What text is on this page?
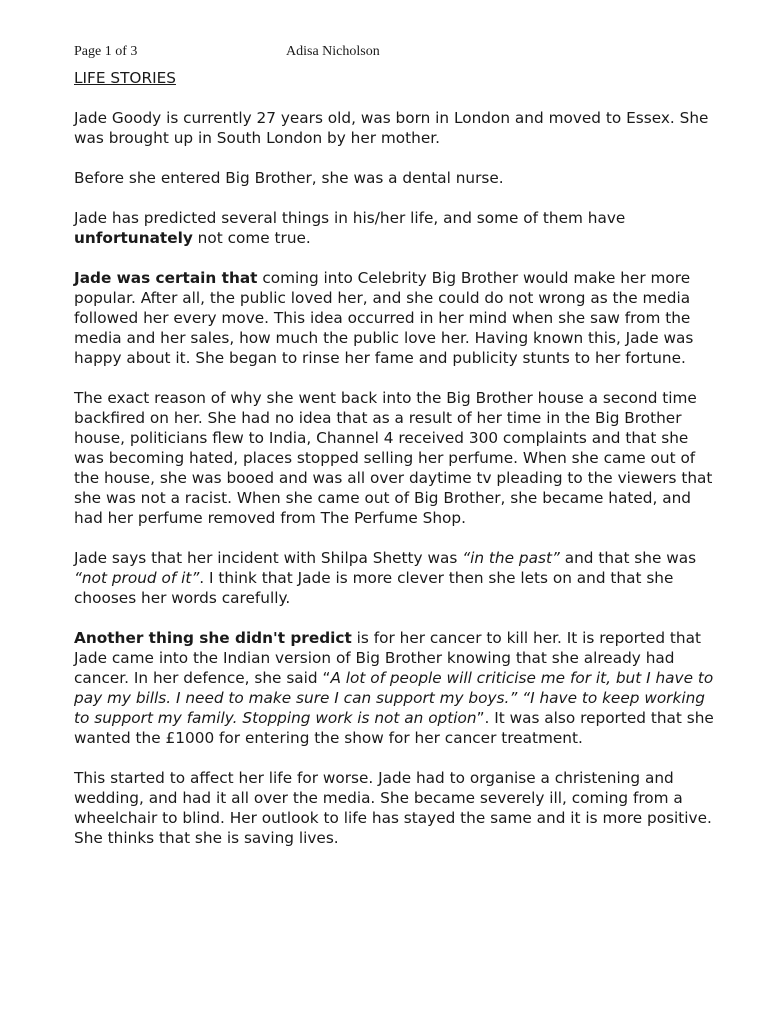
Page 1 of 3	Adisa Nicholson
LIFE STORIES

Jade Goody is currently 27 years old, was born in London and moved to Essex. She was brought up in South London by her mother.

Before she entered Big Brother, she was a dental nurse.

Jade has predicted several things in his/her life, and some of them have unfortunately not come true.

Jade was certain that coming into Celebrity Big Brother would make her more popular. After all, the public loved her, and she could do not wrong as the media followed her every move. This idea occurred in her mind when she saw from the media and her sales, how much the public love her. Having known this, Jade was happy about it. She began to rinse her fame and publicity stunts to her fortune.

The exact reason of why she went back into the Big Brother house a second time backfired on her. She had no idea that as a result of her time in the Big Brother house, politicians flew to India, Channel 4 received 300 complaints and that she was becoming hated, places stopped selling her perfume. When she came out of the house, she was booed and was all over daytime tv pleading to the viewers that she was not a racist. When she came out of Big Brother, she became hated, and had her perfume removed from The Perfume Shop.

Jade says that her incident with Shilpa Shetty was “in the past” and that she was “not proud of it”. I think that Jade is more clever then she lets on and that she chooses her words carefully.

Another thing she didn't predict is for her cancer to kill her. It is reported that Jade came into the Indian version of Big Brother knowing that she already had cancer. In her defence, she said “A lot of people will criticise me for it, but I have to pay my bills. I need to make sure I can support my boys.” “I have to keep working to support my family. Stopping work is not an option”. It was also reported that she wanted the £1000 for entering the show for her cancer treatment.

This started to affect her life for worse. Jade had to organise a christening and wedding, and had it all over the media. She became severely ill, coming from a wheelchair to blind. Her outlook to life has stayed the same and it is more positive. She thinks that she is saving lives.
